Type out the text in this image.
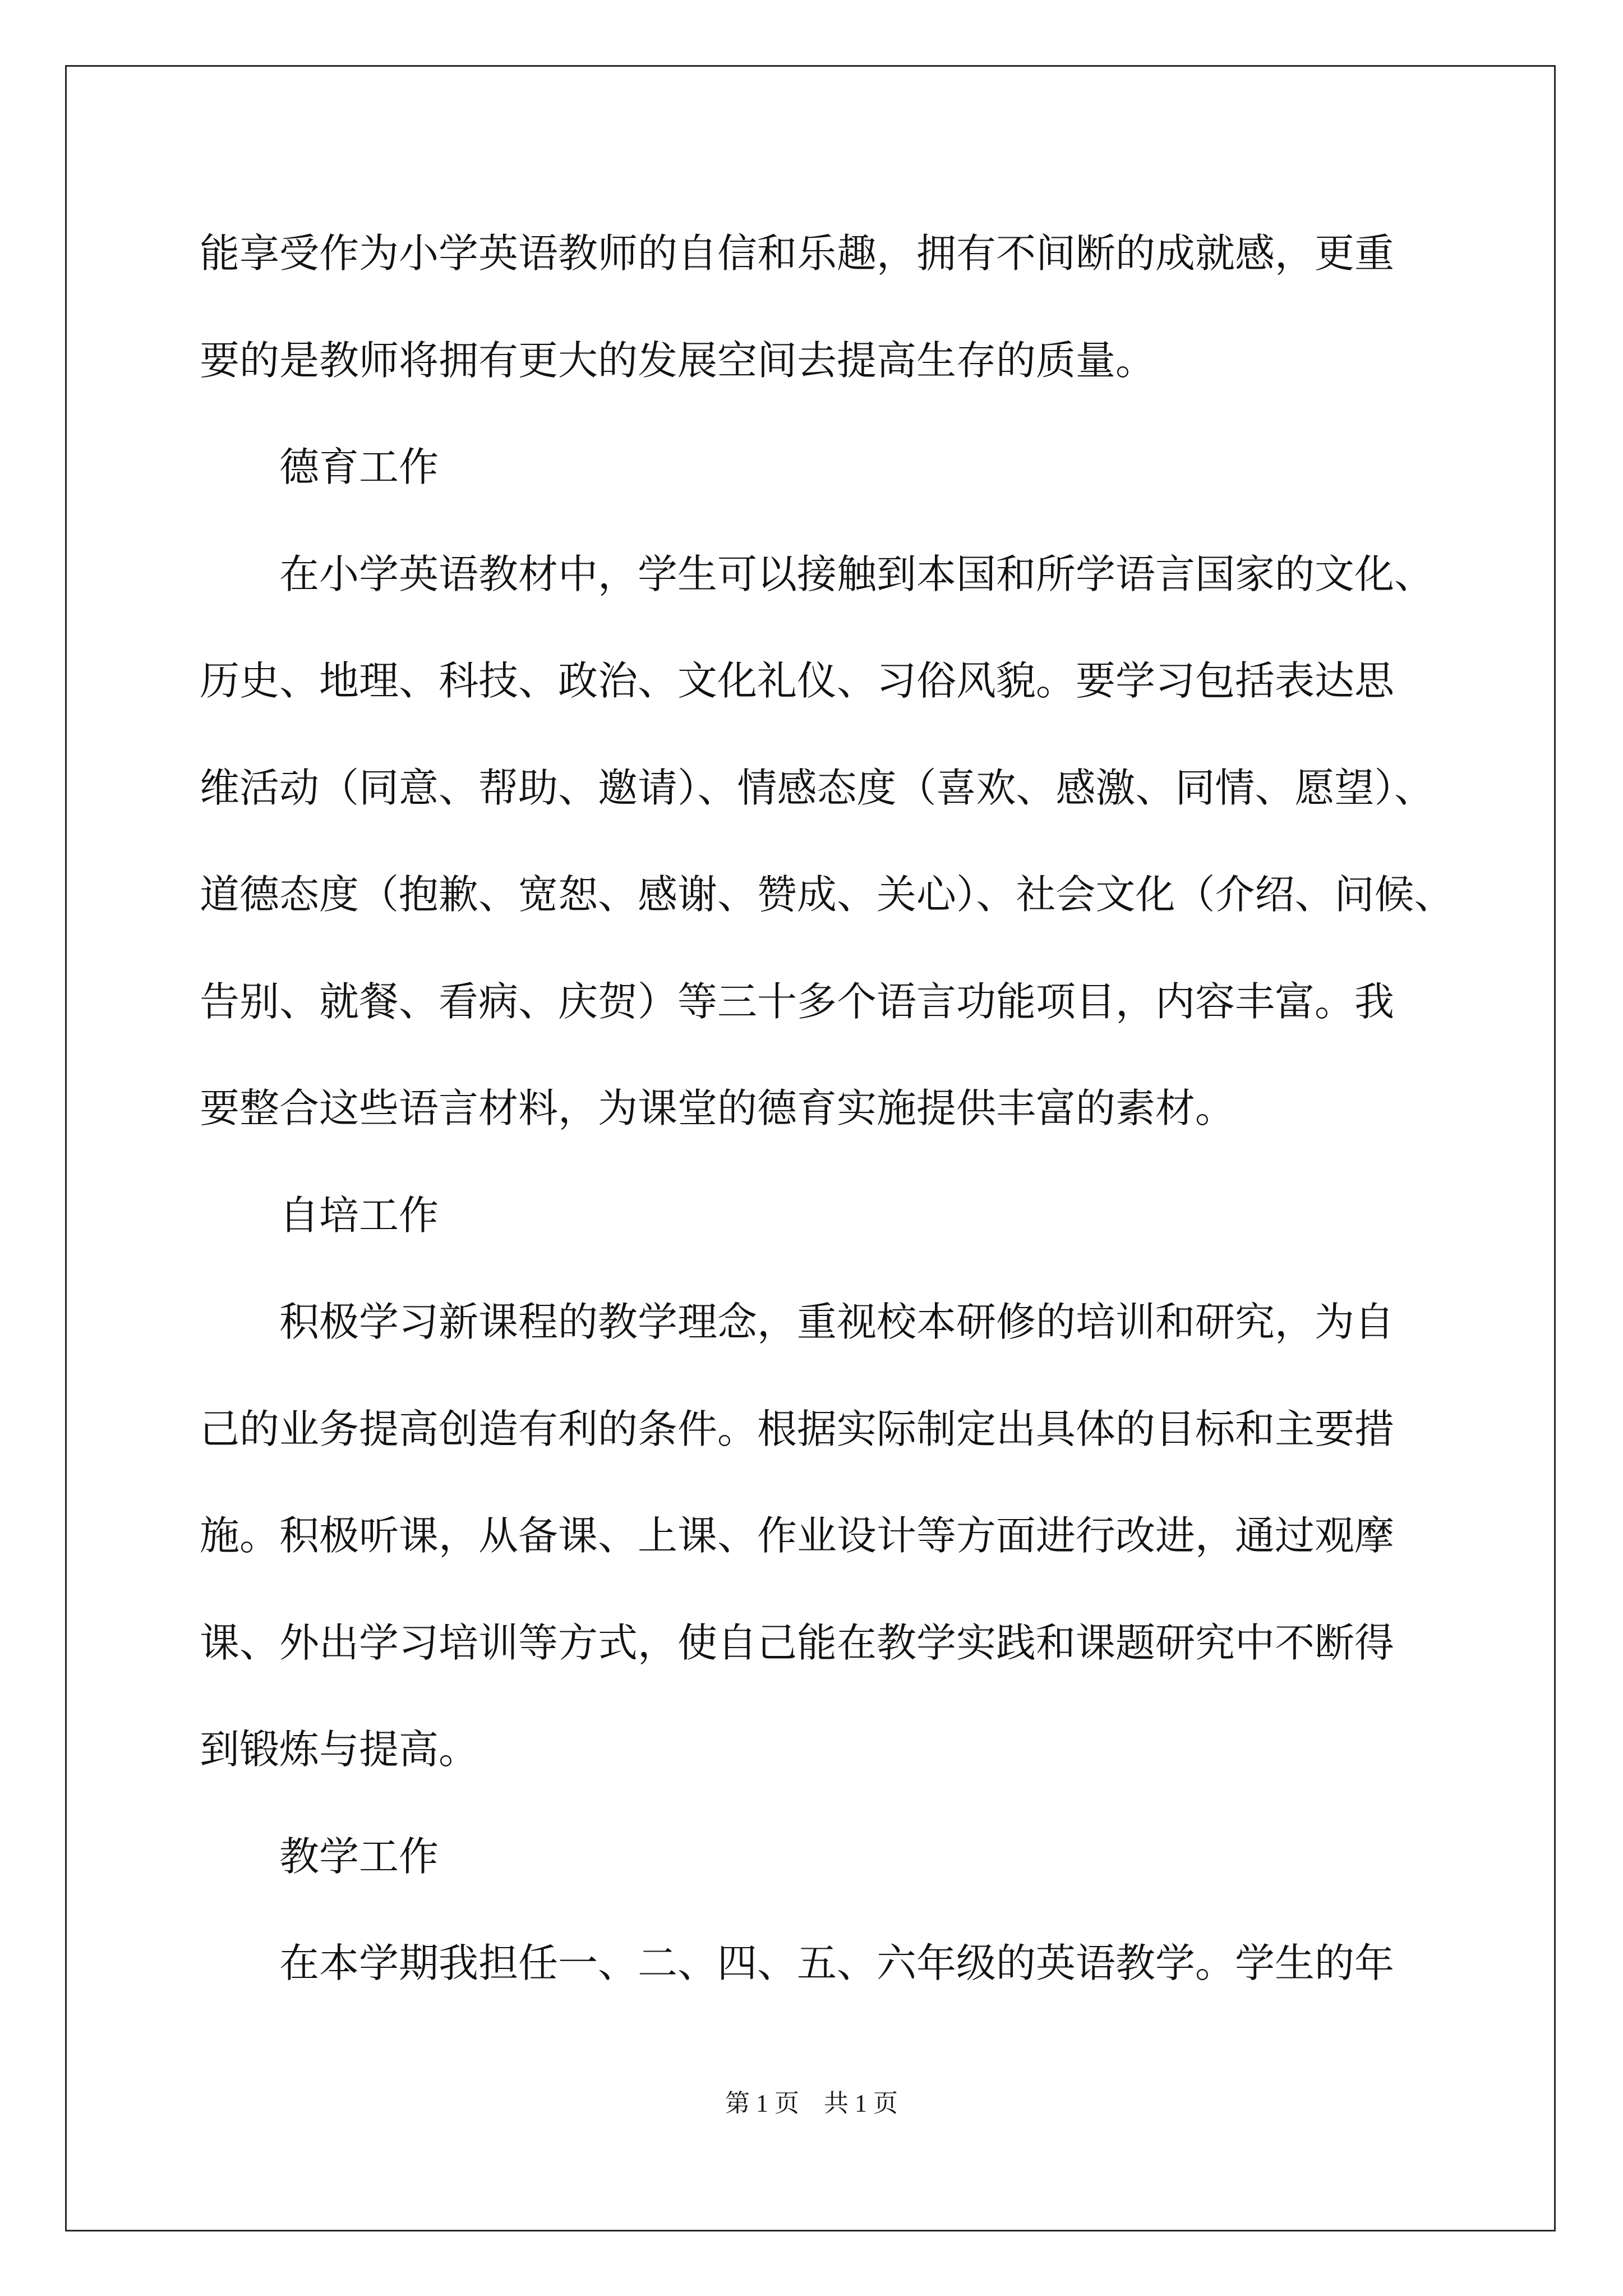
能享受作为小学英语教师的自信和乐趣，拥有不间断的成就感，更重
要的是教师将拥有更大的发展空间去提高生存的质量。
德育工作
在小学英语教材中，学生可以接触到本国和所学语言国家的文化、
历史、地理、科技、政治、文化礼仪、习俗风貌。要学习包括表达思
维活动（同意、帮助、邀请）、情感态度（喜欢、感激、同情、愿望）、
道德态度（抱歉、宽恕、感谢、赞成、关心）、社会文化（介绍、问候、
告别、就餐、看病、庆贺）等三十多个语言功能项目，内容丰富。我
要整合这些语言材料，为课堂的德育实施提供丰富的素材。
自培工作
积极学习新课程的教学理念，重视校本研修的培训和研究，为自
己的业务提高创造有利的条件。根据实际制定出具体的目标和主要措
施。积极听课，从备课、上课、作业设计等方面进行改进，通过观摩
课、外出学习培训等方式，使自己能在教学实践和课题研究中不断得
到锻炼与提高。
教学工作
在本学期我担任一、二、四、五、六年级的英语教学。学生的年
第 1 页 共 1 页
